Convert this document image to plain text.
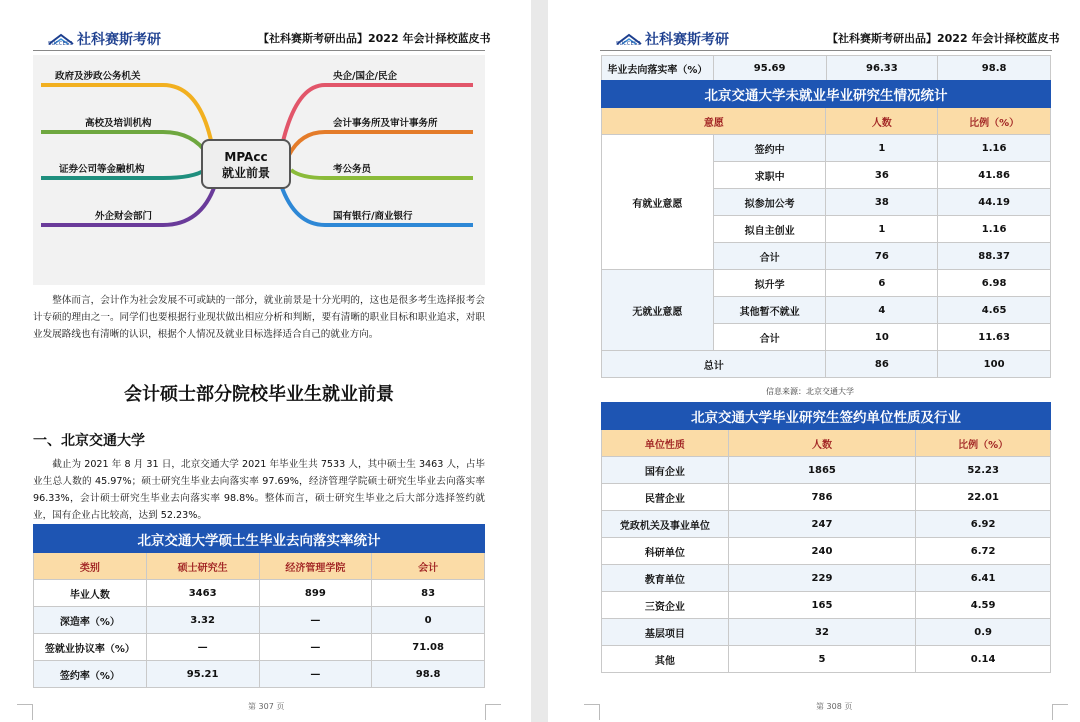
SUCCESS 社科赛斯考研	【社科赛斯考研出品】2022 年会计择校蓝皮书
政府及涉政公务机关
高校及培训机构
证券公司等金融机构
外企财会部门
央企/国企/民企
会计事务所及审计事务所
考公务员
国有银行/商业银行
MPAcc
就业前景
整体而言，会计作为社会发展不可或缺的一部分，就业前景是十分光明的，这也是很多考生选择报考会计专硕的理由之一。同学们也要根据行业现状做出相应分析和判断，要有清晰的职业目标和职业追求，对职业发展路线也有清晰的认识，根据个人情况及就业目标选择适合自己的就业方向。
会计硕士部分院校毕业生就业前景
一、北京交通大学
截止为 2021 年 8 月 31 日，北京交通大学 2021 年毕业生共 7533 人，其中硕士生 3463 人，占毕业生总人数的 45.97%；硕士研究生毕业去向落实率 97.69%，经济管理学院硕士研究生毕业去向落实率 96.33%，会计硕士研究生毕业去向落实率 98.8%。整体而言，硕士研究生毕业之后大部分选择签约就业，国有企业占比较高，达到 52.23%。
北京交通大学硕士生毕业去向落实率统计			
类别	硕士研究生	经济管理学院	会计
毕业人数	3463	899	83
深造率（%）	3.32	—	0
签就业协议率（%）	—	—	71.08
签约率（%）	95.21	—	98.8
第 307 页
SUCCESS 社科赛斯考研	【社科赛斯考研出品】2022 年会计择校蓝皮书
毕业去向落实率（%）	95.69	96.33	98.8
北京交通大学未就业毕业研究生情况统计			
意愿		人数	比例（%）
有就业意愿	签约中	1	1.16
	求职中	36	41.86
	拟参加公考	38	44.19
	拟自主创业	1	1.16
	合计	76	88.37
无就业意愿	拟升学	6	6.98
	其他暂不就业	4	4.65
	合计	10	11.63
总计		86	100
信息来源：北京交通大学
北京交通大学毕业研究生签约单位性质及行业		
单位性质	人数	比例（%）
国有企业	1865	52.23
民营企业	786	22.01
党政机关及事业单位	247	6.92
科研单位	240	6.72
教育单位	229	6.41
三资企业	165	4.59
基层项目	32	0.9
其他	5	0.14
第 308 页
